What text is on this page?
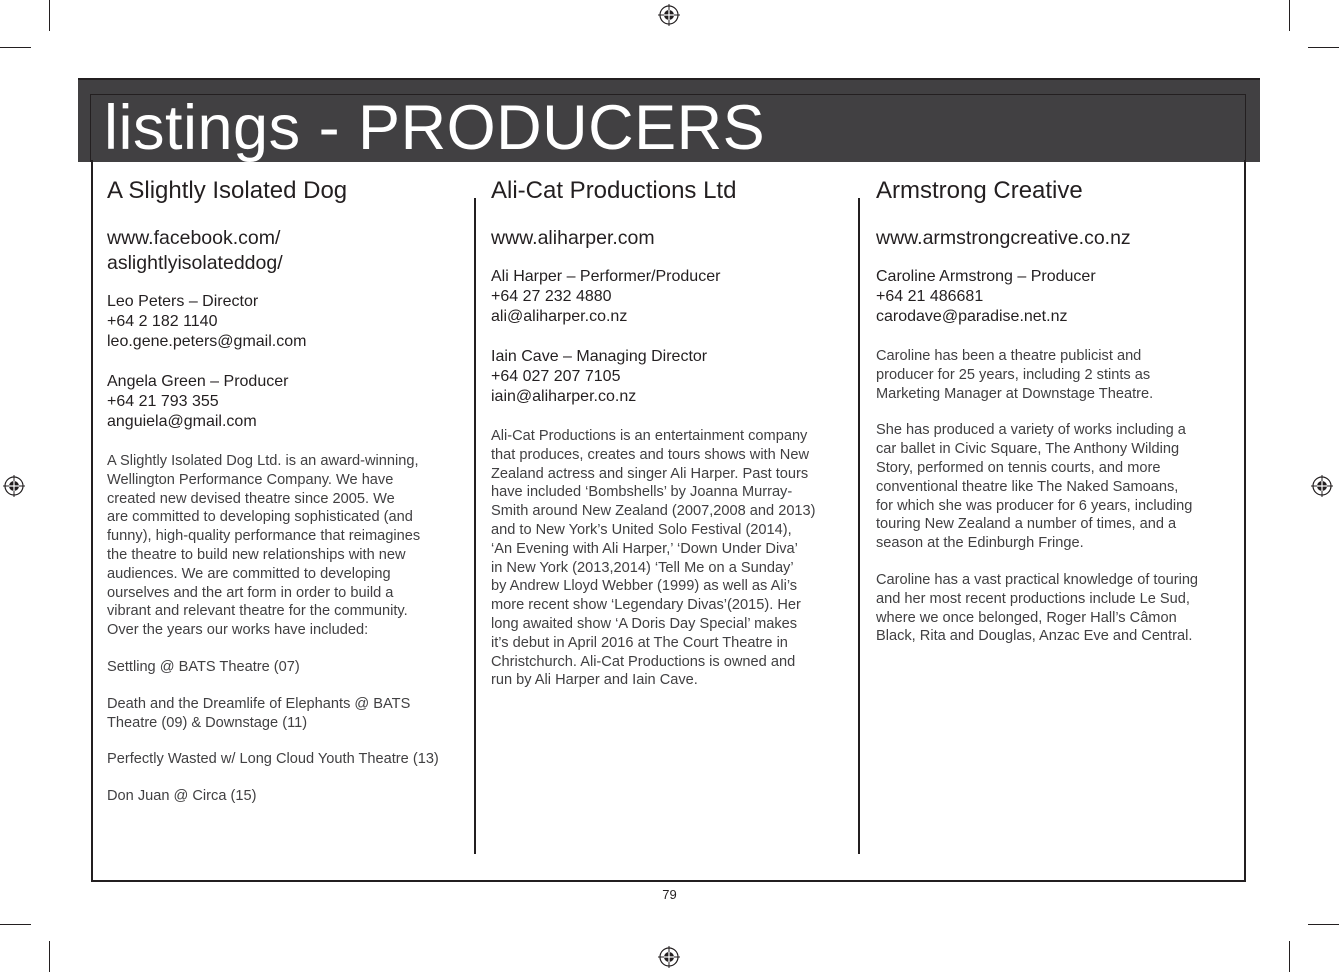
listings - PRODUCERS
A Slightly Isolated Dog
www.facebook.com/
aslightlyisolateddog/
Leo Peters – Director
+64 2 182 1140
leo.gene.peters@gmail.com
Angela Green – Producer
+64 21 793 355
anguiela@gmail.com
A Slightly Isolated Dog Ltd. is an award-winning,
Wellington Performance Company. We have
created new devised theatre since 2005. We
are committed to developing sophisticated (and
funny), high-quality performance that reimagines
the theatre to build new relationships with new
audiences. We are committed to developing
ourselves and the art form in order to build a
vibrant and relevant theatre for the community.
Over the years our works have included:
Settling @ BATS Theatre (07)
Death and the Dreamlife of Elephants @ BATS
Theatre (09) & Downstage (11)
Perfectly Wasted w/ Long Cloud Youth Theatre (13)
Don Juan @ Circa (15)
Ali-Cat Productions Ltd
www.aliharper.com
Ali Harper – Performer/Producer
+64 27 232 4880
ali@aliharper.co.nz
Iain Cave – Managing Director
+64 027 207 7105
iain@aliharper.co.nz
Ali-Cat Productions is an entertainment company
that produces, creates and tours shows with New
Zealand actress and singer Ali Harper. Past tours
have included ‘Bombshells’ by Joanna Murray-
Smith around New Zealand (2007,2008 and 2013)
and to New York’s United Solo Festival (2014),
‘An Evening with Ali Harper,’ ‘Down Under Diva’
in New York (2013,2014) ‘Tell Me on a Sunday’
by Andrew Lloyd Webber (1999) as well as Ali’s
more recent show ‘Legendary Divas’(2015). Her
long awaited show ‘A Doris Day Special’ makes
it’s debut in April 2016 at The Court Theatre in
Christchurch. Ali-Cat Productions is owned and
run by Ali Harper and Iain Cave.
Armstrong Creative
www.armstrongcreative.co.nz
Caroline Armstrong – Producer
+64 21 486681
carodave@paradise.net.nz
Caroline has been a theatre publicist and
producer for 25 years, including 2 stints as
Marketing Manager at Downstage Theatre.
She has produced a variety of works including a
car ballet in Civic Square, The Anthony Wilding
Story, performed on tennis courts, and more
conventional theatre like The Naked Samoans,
for which she was producer for 6 years, including
touring New Zealand a number of times, and a
season at the Edinburgh Fringe.
Caroline has a vast practical knowledge of touring
and her most recent productions include Le Sud,
where we once belonged, Roger Hall’s Câmon
Black, Rita and Douglas, Anzac Eve and Central.
79
